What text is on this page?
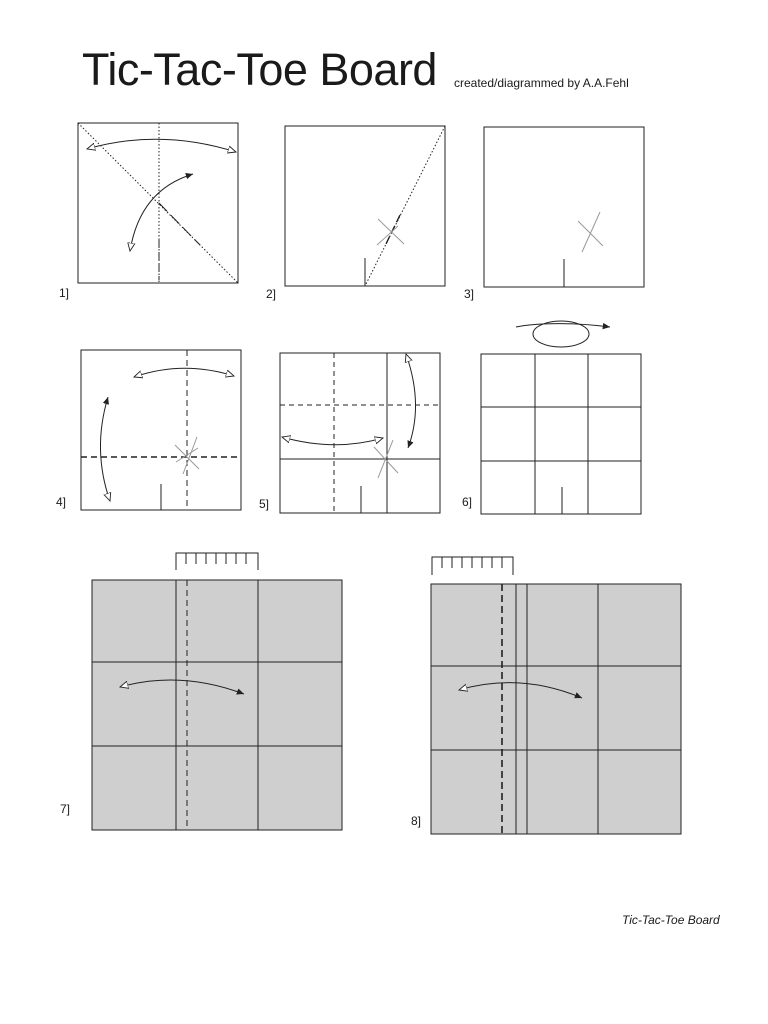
Tic-Tac-Toe Board created/diagrammed by A.A.Fehl
1]	2]	3]
4]	5]	6]
7]
8]
Tic-Tac-Toe Board
